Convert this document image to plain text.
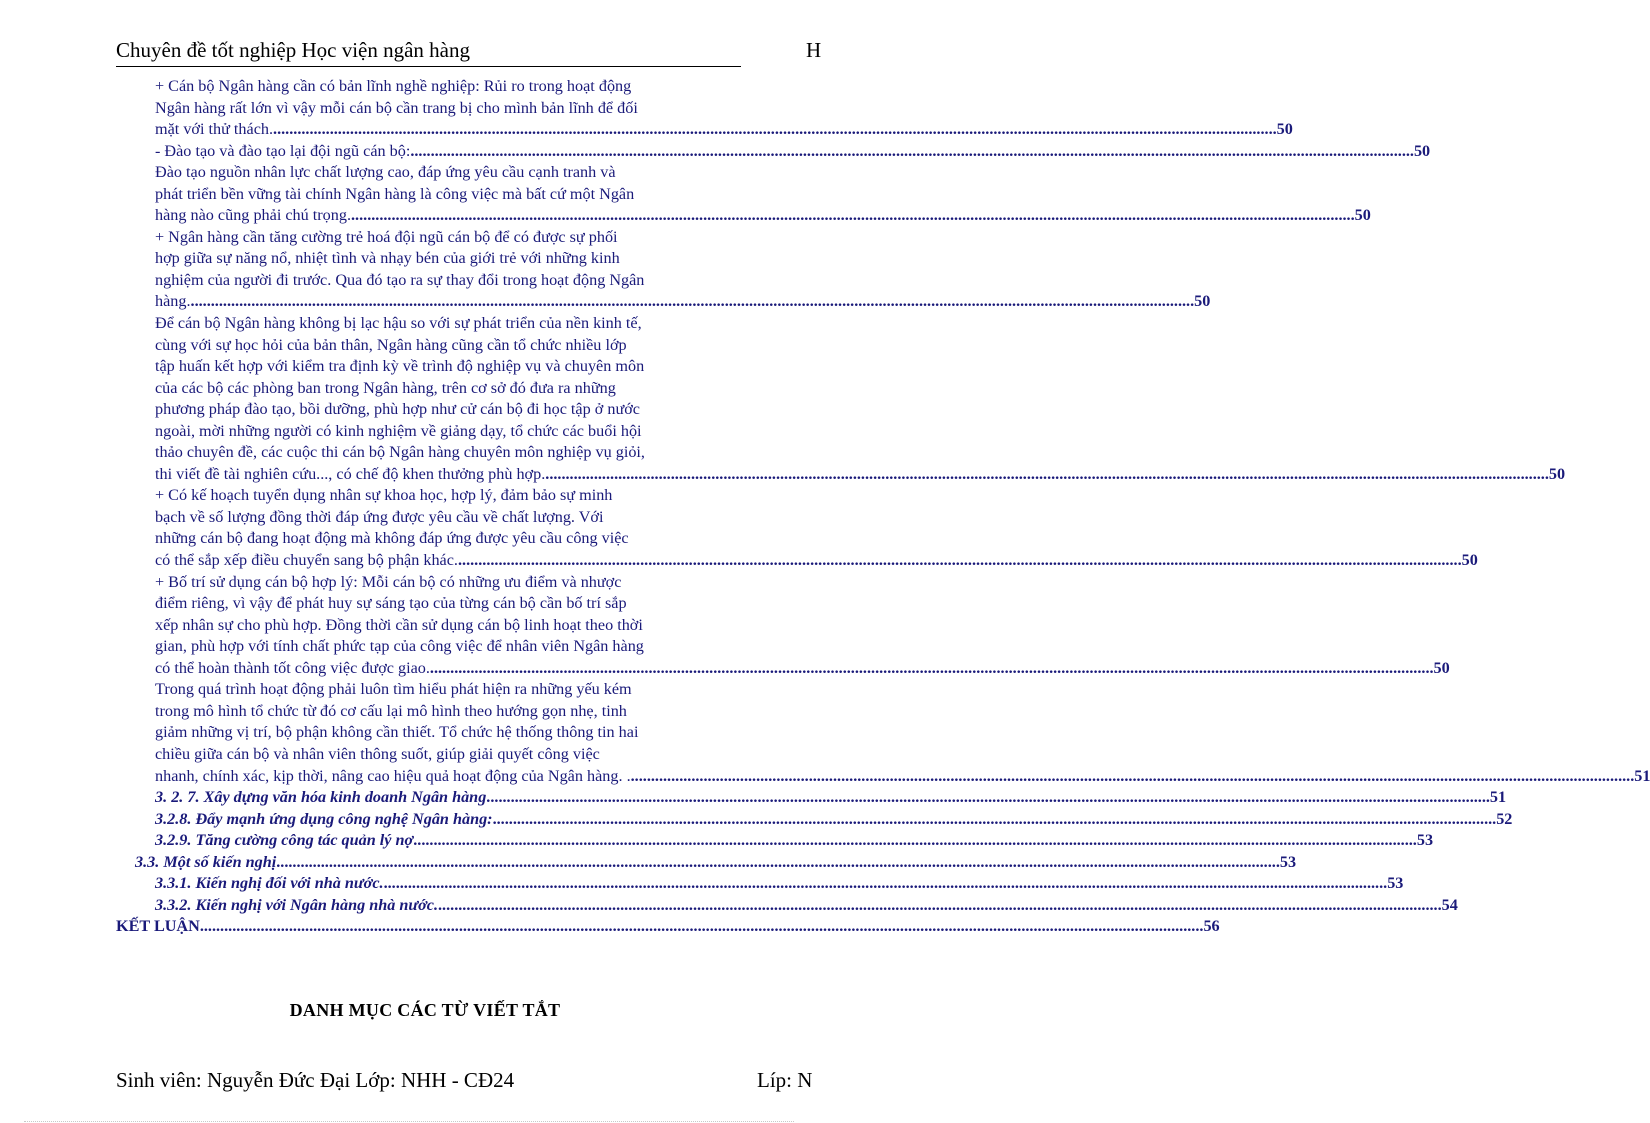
Chuyên đề tốt nghiệp Học viện ngân hàng	H
+ Cán bộ Ngân hàng cần có bản lĩnh nghề nghiệp: Rủi ro trong hoạt động
Ngân hàng rất lớn vì vậy mỗi cán bộ cần trang bị cho mình bản lĩnh để đối
mặt với thử thách. .....	50
- Đào tạo và đào tạo lại đội ngũ cán bộ: .....	50
Đào tạo nguồn nhân lực chất lượng cao, đáp ứng yêu cầu cạnh tranh và
phát triển bền vững tài chính Ngân hàng là công việc mà bất cứ một Ngân
hàng nào cũng phải chú trọng. .....	50
+ Ngân hàng cần tăng cường trẻ hoá đội ngũ cán bộ để có được sự phối
hợp giữa sự năng nổ, nhiệt tình và nhạy bén của giới trẻ với những kinh
nghiệm của người đi trước. Qua đó tạo ra sự thay đổi trong hoạt động Ngân
hàng. .....	50
Để cán bộ Ngân hàng không bị lạc hậu so với sự phát triển của nền kinh tế,
cùng với sự học hỏi của bản thân, Ngân hàng cũng cần tổ chức nhiều lớp
tập huấn kết hợp với kiểm tra định kỳ về trình độ nghiệp vụ và chuyên môn
của các bộ các phòng ban trong Ngân hàng, trên cơ sở đó đưa ra những
phương pháp đào tạo, bồi dưỡng, phù hợp như cử cán bộ đi học tập ở nước
ngoài, mời những người có kinh nghiệm về giảng dạy, tổ chức các buổi hội
thảo chuyên đề, các cuộc thi cán bộ Ngân hàng chuyên môn nghiệp vụ giỏi,
thi viết đề tài nghiên cứu..., có chế độ khen thưởng phù hợp. .....	50
+ Có kế hoạch tuyển dụng nhân sự khoa học, hợp lý, đảm bảo sự minh
bạch về số lượng đồng thời đáp ứng được yêu cầu về chất lượng. Với
những cán bộ đang hoạt động mà không đáp ứng được yêu cầu công việc
có thể sắp xếp điều chuyển sang bộ phận khác. .....	50
+ Bố trí sử dụng cán bộ hợp lý: Mỗi cán bộ có những ưu điểm và nhược
điểm riêng, vì vậy để phát huy sự sáng tạo của từng cán bộ cần bố trí sắp
xếp nhân sự cho phù hợp. Đồng thời cần sử dụng cán bộ linh hoạt theo thời
gian, phù hợp với tính chất phức tạp của công việc để nhân viên Ngân hàng
có thể hoàn thành tốt công việc được giao. .....	50
Trong quá trình hoạt động phải luôn tìm hiểu phát hiện ra những yếu kém
trong mô hình tổ chức từ đó cơ cấu lại mô hình theo hướng gọn nhẹ, tinh
giảm những vị trí, bộ phận không cần thiết. Tổ chức hệ thống thông tin hai
chiều giữa cán bộ và nhân viên thông suốt, giúp giải quyết công việc
nhanh, chính xác, kịp thời, nâng cao hiệu quả hoạt động của Ngân hàng. . .....	51
3. 2. 7. Xây dựng văn hóa kinh doanh Ngân hàng .....	51
3.2.8. Đẩy mạnh ứng dụng công nghệ Ngân hàng: .....	52
3.2.9. Tăng cường công tác quản lý nợ .....	53
3.3. Một số kiến nghị .....	53
3.3.1. Kiến nghị đối với nhà nước. .....	53
3.3.2. Kiến nghị với Ngân hàng nhà nước. .....	54
KẾT LUẬN .....	56
DANH MỤC CÁC TỪ VIẾT TẮT
Sinh viên: Nguyễn Đức Đại Lớp: NHH - CĐ24	Líp: N
